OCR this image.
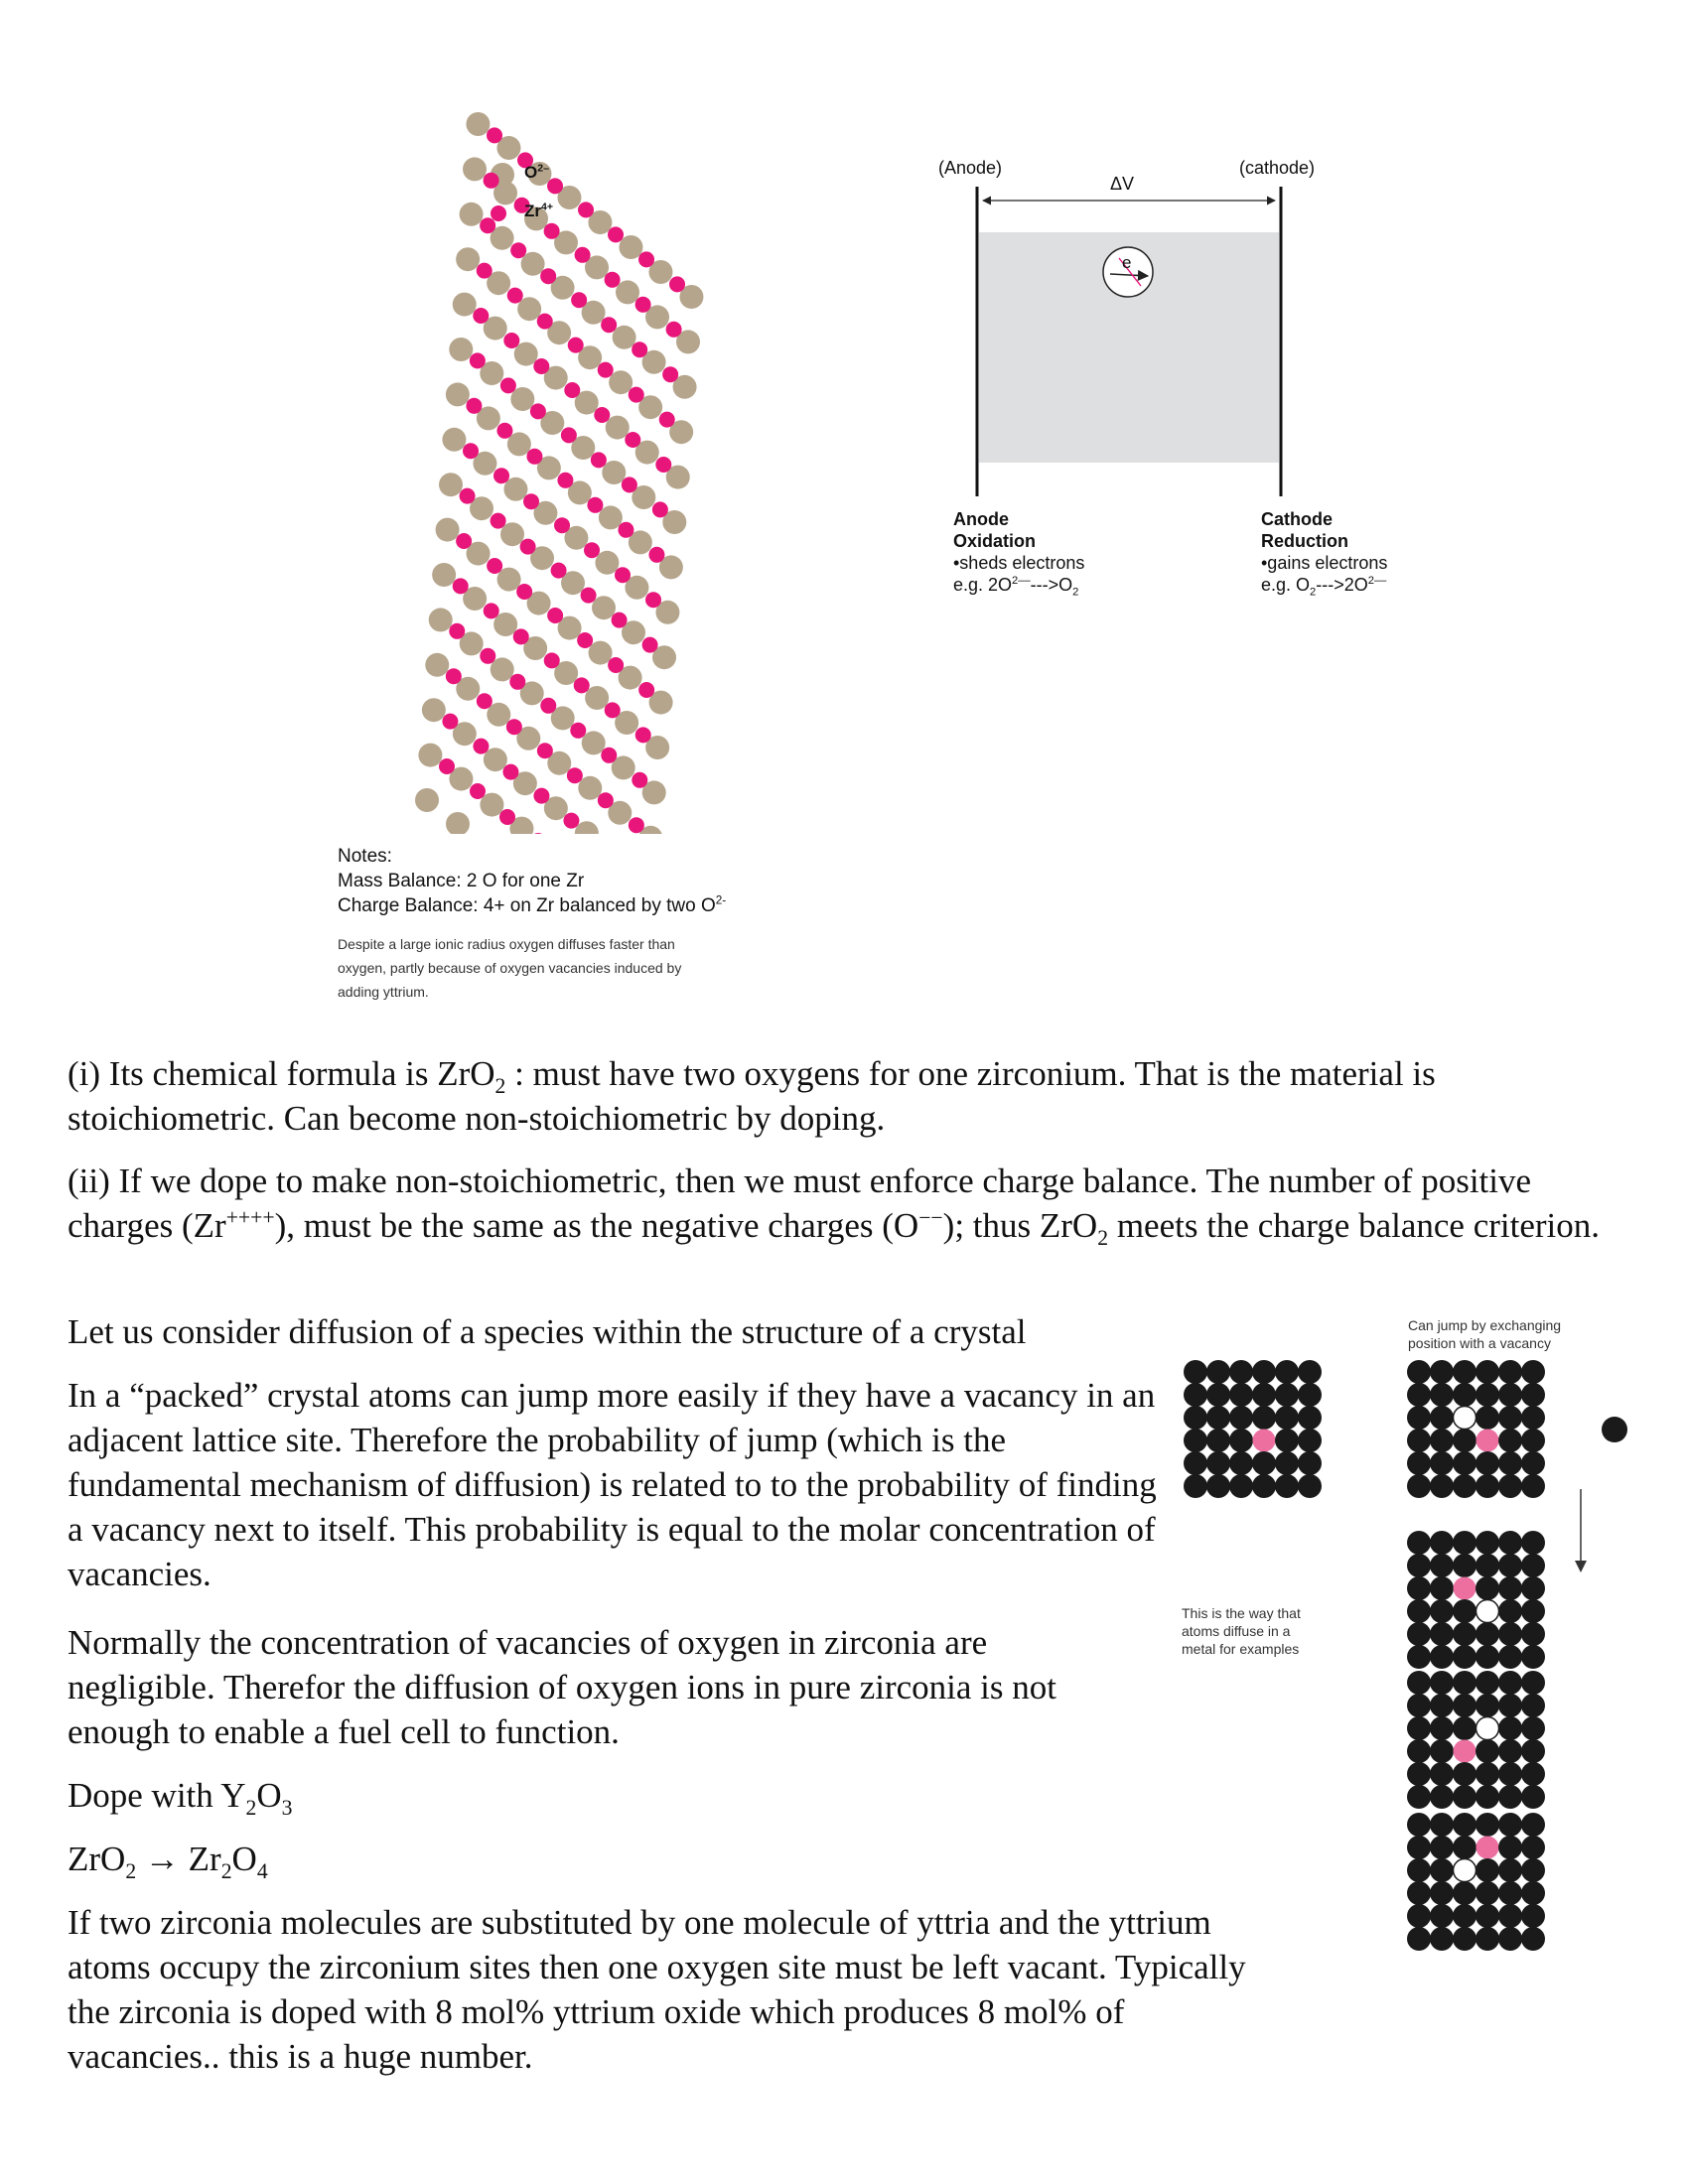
$O^{2-}$
$Zr^{4+}$
Notes:
Mass Balance: 2 O for one Zr
Charge Balance: 4+ on Zr balanced by two $O^{2-}$
Despite a large ionic radius oxygen diffuses faster than
oxygen, partly because of oxygen vacancies induced by
adding yttrium.
(Anode)	(cathode)
ΔV
e
Anode
Oxidation
•sheds electrons
e.g. $2O^{2--}--->O_2$
Cathode
Reduction
•gains electrons
e.g. $O_2--->2O^{2--}$

(i) Its chemical formula is ZrO$_2$ : must have two oxygens for one zirconium. That is the material is stoichiometric. Can become non-stoichiometric by doping.

(ii) If we dope to make non-stoichiometric, then we must enforce charge balance. The number of positive charges (Zr++++), must be the same as the negative charges (O−−); thus ZrO$_2$ meets the charge balance criterion.

Let us consider diffusion of a species within the structure of a crystal

In a “packed” crystal atoms can jump more easily if they have a vacancy in an adjacent lattice site. Therefore the probability of jump (which is the fundamental mechanism of diffusion) is related to to the probability of finding a vacancy next to itself. This probability is equal to the molar concentration of vacancies.

Normally the concentration of vacancies of oxygen in zirconia are negligible. Therefor the diffusion of oxygen ions in pure zirconia is not enough to enable a fuel cell to function.

Dope with $Y_2O_3$

$ZrO_2 \to Zr_2O_4$

If two zirconia molecules are substituted by one molecule of yttria and the yttrium atoms occupy the zirconium sites then one oxygen site must be left vacant. Typically the zirconia is doped with 8 mol% yttrium oxide which produces 8 mol% of vacancies.. this is a huge number.

Can jump by exchanging
position with a vacancy
This is the way that
atoms diffuse in a
metal for examples
